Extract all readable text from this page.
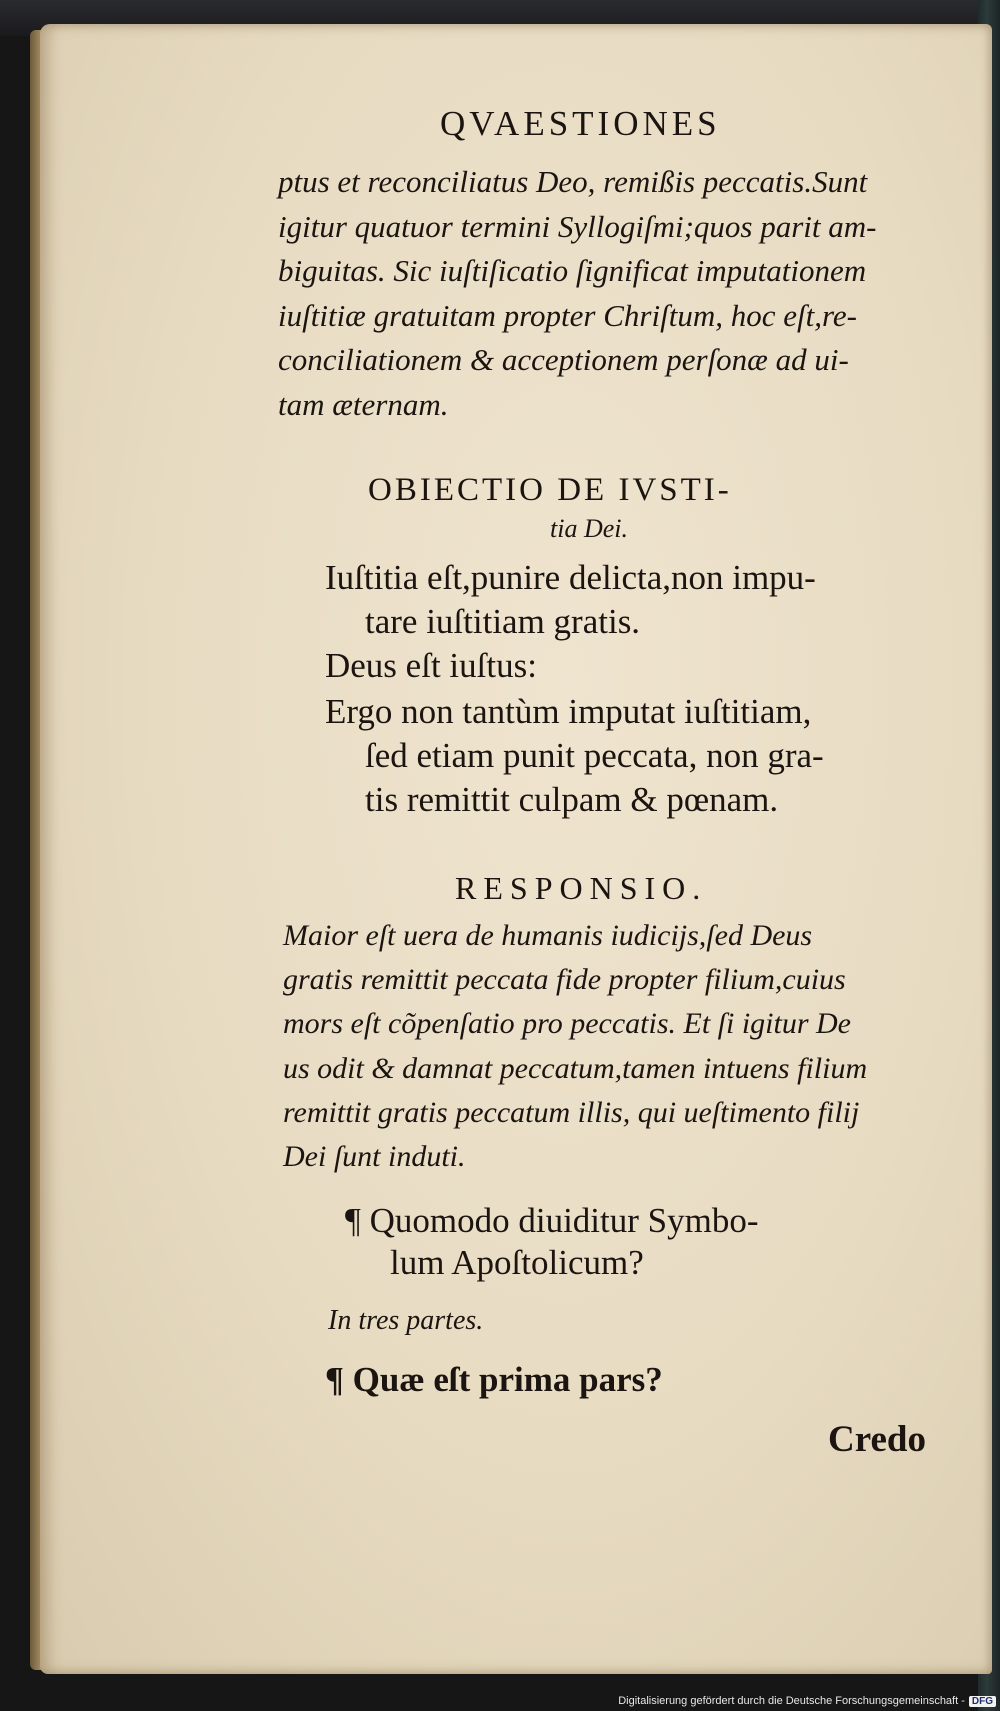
QVAESTIONES
ptus et reconciliatus Deo, remißis peccatis.Sunt
igitur quatuor termini Syllogiſmi;quos parit am-
biguitas. Sic iuſtiſicatio ſignificat imputationem
iuſtitiæ gratuitam propter Chriſtum, hoc eſt,re-
conciliationem & acceptionem perſonæ ad ui-
tam æternam.
OBIECTIO DE IVSTI-
tia Dei.
Iuſtitia eſt,punire delicta,non impu-
tare iuſtitiam gratis.
Deus eſt iuſtus:
Ergo non tantùm imputat iuſtitiam,
ſed etiam punit peccata, non gra-
tis remittit culpam & pœnam.
RESPONSIO.
Maior eſt uera de humanis iudicijs,ſed Deus
gratis remittit peccata fide propter filium,cuius
mors eſt cõpenſatio pro peccatis. Et ſi igitur De
us odit & damnat peccatum,tamen intuens filium
remittit gratis peccatum illis, qui ueſtimento filij
Dei ſunt induti.
¶ Quomodo diuiditur Symbo-
lum Apoſtolicum?
In tres partes.
¶ Quæ eſt prima pars?
Credo
Digitalisierung gefördert durch die Deutsche Forschungsgemeinschaft - DFG
